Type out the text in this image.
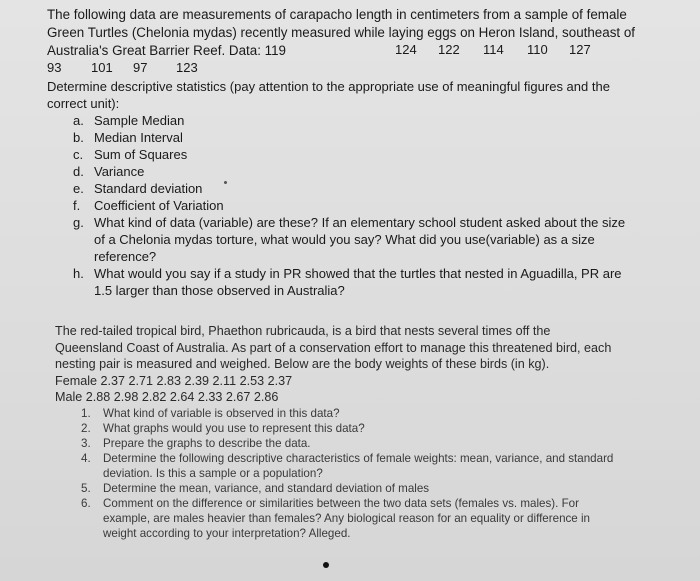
The following data are measurements of carapacho length in centimeters from a sample of female Green Turtles (Chelonia mydas) recently measured while laying eggs on Heron Island, southeast of Australia's Great Barrier Reef. Data: 119	124 122 114 110 127
93 101 97 123

Determine descriptive statistics (pay attention to the appropriate use of meaningful figures and the correct unit):

a. Sample Median
b. Median Interval
c. Sum of Squares
d. Variance
e. Standard deviation
f. Coefficient of Variation
g. What kind of data (variable) are these? If an elementary school student asked about the size of a Chelonia mydas torture, what would you say? What did you use(variable) as a size reference?
h. What would you say if a study in PR showed that the turtles that nested in Aguadilla, PR are 1.5 larger than those observed in Australia?

The red-tailed tropical bird, Phaethon rubricauda, is a bird that nests several times off the Queensland Coast of Australia. As part of a conservation effort to manage this threatened bird, each nesting pair is measured and weighed. Below are the body weights of these birds (in kg).

Female 2.37 2.71 2.83 2.39 2.11 2.53 2.37

Male 2.88 2.98 2.82 2.64 2.33 2.67 2.86

1. What kind of variable is observed in this data?
2. What graphs would you use to represent this data?
3. Prepare the graphs to describe the data.
4. Determine the following descriptive characteristics of female weights: mean, variance, and standard deviation. Is this a sample or a population?
5. Determine the mean, variance, and standard deviation of males
6. Comment on the difference or similarities between the two data sets (females vs. males). For example, are males heavier than females? Any biological reason for an equality or difference in weight according to your interpretation? Alleged.
